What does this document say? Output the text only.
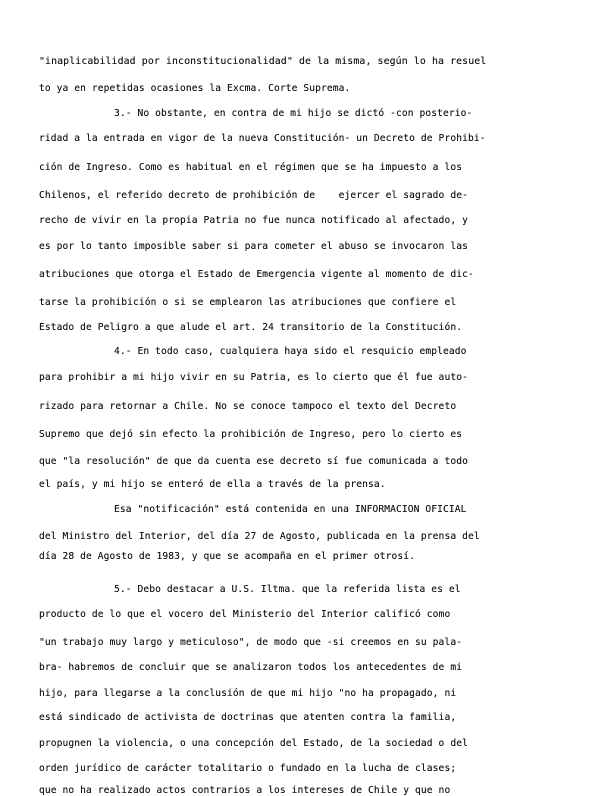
"inaplicabilidad por inconstitucionalidad" de la misma, según lo ha resuel
to ya en repetidas ocasiones la Excma. Corte Suprema.
3.- No obstante, en contra de mi hijo se dictó -con posterio-
ridad a la entrada en vigor de la nueva Constitución- un Decreto de Prohibi-
ción de Ingreso. Como es habitual en el régimen que se ha impuesto a los
Chilenos, el referido decreto de prohibición de    ejercer el sagrado de-
recho de vivir en la propia Patria no fue nunca notificado al afectado, y
es por lo tanto imposible saber si para cometer el abuso se invocaron las
atribuciones que otorga el Estado de Emergencia vigente al momento de dic-
tarse la prohibición o si se emplearon las atribuciones que confiere el
Estado de Peligro a que alude el art. 24 transitorio de la Constitución.
4.- En todo caso, cualquiera haya sido el resquicio empleado
para prohibir a mi hijo vivir en su Patria, es lo cierto que él fue auto-
rizado para retornar a Chile. No se conoce tampoco el texto del Decreto
Supremo que dejó sin efecto la prohibición de Ingreso, pero lo cierto es
que "la resolución" de que da cuenta ese decreto sí fue comunicada a todo
el país, y mi hijo se enteró de ella a través de la prensa.
Esa "notificación" está contenida en una INFORMACION OFICIAL
del Ministro del Interior, del día 27 de Agosto, publicada en la prensa del
día 28 de Agosto de 1983, y que se acompaña en el primer otrosí.
5.- Debo destacar a U.S. Iltma. que la referida lista es el
producto de lo que el vocero del Ministerio del Interior calificó como
"un trabajo muy largo y meticuloso", de modo que -si creemos en su pala-
bra- habremos de concluir que se analizaron todos los antecedentes de mi
hijo, para llegarse a la conclusión de que mi hijo "no ha propagado, ni
está sindicado de activista de doctrinas que atenten contra la familia,
propugnen la violencia, o una concepción del Estado, de la sociedad o del
orden jurídico de carácter totalitario o fundado en la lucha de clases;
que no ha realizado actos contrarios a los intereses de Chile y que no
